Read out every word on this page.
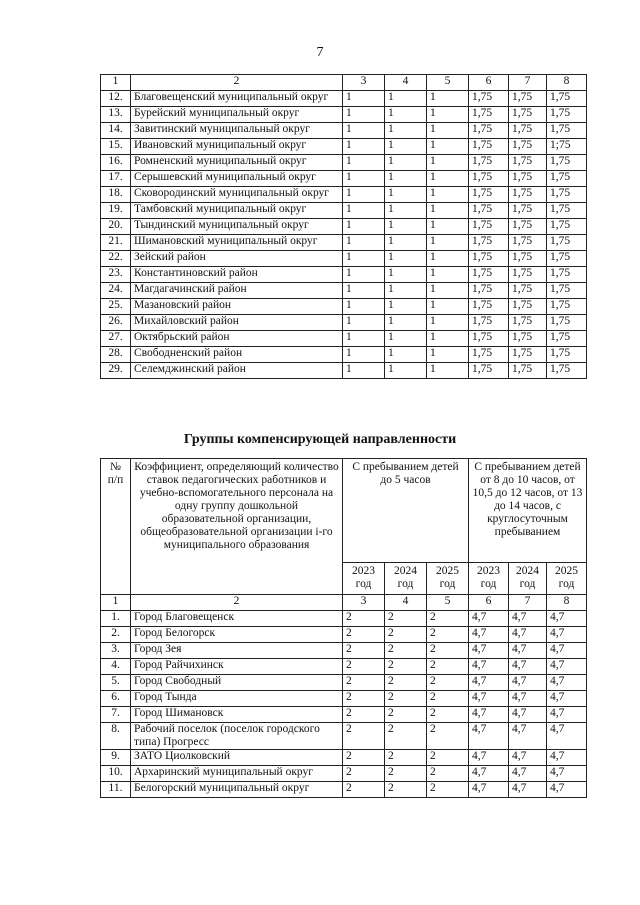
7
1	2	3	4	5	6	7	8
12.	Благовещенский муниципальный округ	1	1	1	1,75	1,75	1,75
13.	Бурейский муниципальный округ	1	1	1	1,75	1,75	1,75
14.	Завитинский муниципальный округ	1	1	1	1,75	1,75	1,75
15.	Ивановский муниципальный округ	1	1	1	1,75	1,75	1;75
16.	Ромненский муниципальный округ	1	1	1	1,75	1,75	1,75
17.	Серышевский муниципальный округ	1	1	1	1,75	1,75	1,75
18.	Сковородинский муниципальный округ	1	1	1	1,75	1,75	1,75
19.	Тамбовский муниципальный округ	1	1	1	1,75	1,75	1,75
20.	Тындинский муниципальный округ	1	1	1	1,75	1,75	1,75
21.	Шимановский муниципальный округ	1	1	1	1,75	1,75	1,75
22.	Зейский район	1	1	1	1,75	1,75	1,75
23.	Константиновский район	1	1	1	1,75	1,75	1,75
24.	Магдагачинский район	1	1	1	1,75	1,75	1,75
25.	Мазановский район	1	1	1	1,75	1,75	1,75
26.	Михайловский район	1	1	1	1,75	1,75	1,75
27.	Октябрьский район	1	1	1	1,75	1,75	1,75
28.	Свободненский район	1	1	1	1,75	1,75	1,75
29.	Селемджинский район	1	1	1	1,75	1,75	1,75
Группы компенсирующей направленности
№ п/п	Коэффициент, определяющий количество ставок педагогических работников и учебно-вспомогательного персонала на одну группу дошкольной образовательной организации, общеобразовательной организации i-го муниципального образования	С пребыванием детей до 5 часов			С пребыванием детей от 8 до 10 часов, от 10,5 до 12 часов, от 13 до 14 часов, с круглосуточным пребыванием		
		2023 год	2024 год	2025 год	2023 год	2024 год	2025 год
1	2	3	4	5	6	7	8
1.	Город Благовещенск	2	2	2	4,7	4,7	4,7
2.	Город Белогорск	2	2	2	4,7	4,7	4,7
3.	Город Зея	2	2	2	4,7	4,7	4,7
4.	Город Райчихинск	2	2	2	4,7	4,7	4,7
5.	Город Свободный	2	2	2	4,7	4,7	4,7
6.	Город Тында	2	2	2	4,7	4,7	4,7
7.	Город Шимановск	2	2	2	4,7	4,7	4,7
8.	Рабочий поселок (поселок городского типа) Прогресс	2	2	2	4,7	4,7	4,7
9.	ЗАТО Циолковский	2	2	2	4,7	4,7	4,7
10.	Архаринский муниципальный округ	2	2	2	4,7	4,7	4,7
11.	Белогорский муниципальный округ	2	2	2	4,7	4,7	4,7
